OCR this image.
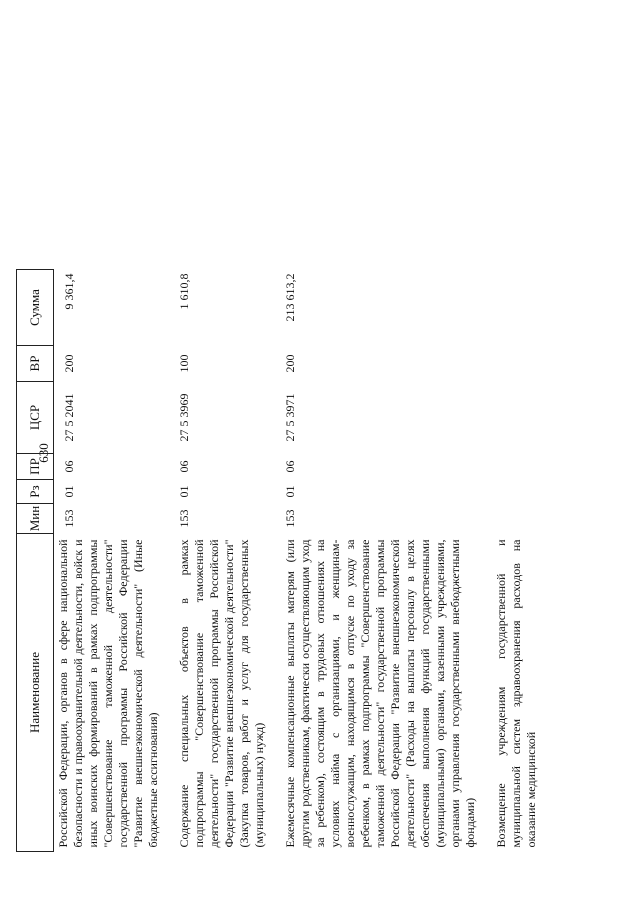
630
Наименование	Мин	Рз	ПР	ЦСР	ВР	Сумма
Российской Федерации, органов в сфере национальной безопасности и правоохранительной деятельности, войск и иных воинских формирований в рамках подпрограммы "Совершенствование таможенной деятельности" государственной программы Российской Федерации "Развитие внешнеэкономической деятельности" (Иные бюджетные ассигнования)	153	01	06	27 5 2041	200	9 361,4
Содержание специальных объектов в рамках подпрограммы "Совершенствование таможенной деятельности" государственной программы Российской Федерации "Развитие внешнеэкономической деятельности" (Закупка товаров, работ и услуг для государственных (муниципальных) нужд)	153	01	06	27 5 3969	100	1 610,8
Ежемесячные компенсационные выплаты матерям (или другим родственникам, фактически осуществляющим уход за ребенком), состоящим в трудовых отношениях на условиях найма с организациями, и женщинам-военнослужащим, находящимся в отпуске по уходу за ребенком, в рамках подпрограммы "Совершенствование таможенной деятельности" государственной программы Российской Федерации "Развитие внешнеэкономической деятельности" (Расходы на выплаты персоналу в целях обеспечения выполнения функций государственными (муниципальными) органами, казенными учреждениями, органами управления государственными внебюджетными фондами)	153	01	06	27 5 3971	200	213 613,2
Возмещение учреждениям государственной и муниципальной систем здравоохранения расходов на оказание медицинской						
